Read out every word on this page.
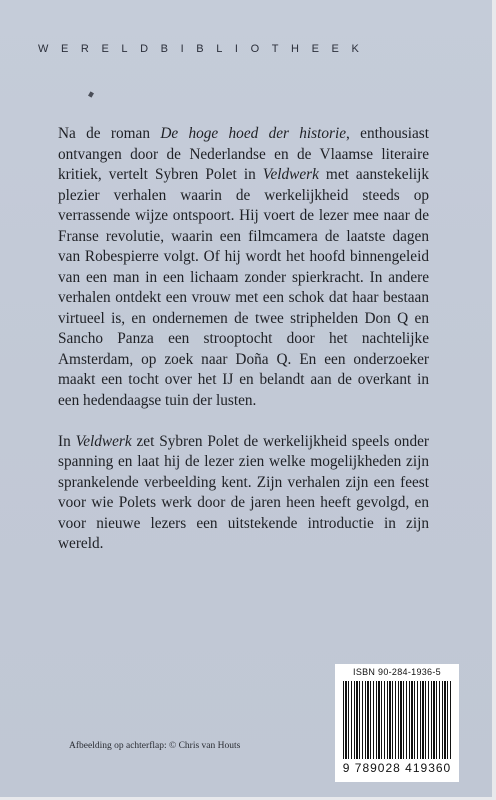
WERELDBIBLIOTHEEK

Na de roman De hoge hoed der historie, enthousiast ontvangen door de Nederlandse en de Vlaamse literaire kritiek, vertelt Sybren Polet in Veldwerk met aanstekelijk plezier verhalen waarin de werkelijkheid steeds op verrassende wijze ontspoort. Hij voert de lezer mee naar de Franse revolutie, waarin een filmcamera de laatste dagen van Robespierre volgt. Of hij wordt het hoofd binnengeleid van een man in een lichaam zonder spierkracht. In andere verhalen ontdekt een vrouw met een schok dat haar bestaan virtueel is, en ondernemen de twee striphelden Don Q en Sancho Panza een strooptocht door het nachtelijke Amsterdam, op zoek naar Doña Q. En een onderzoeker maakt een tocht over het IJ en belandt aan de overkant in een hedendaagse tuin der lusten.

In Veldwerk zet Sybren Polet de werkelijkheid speels onder spanning en laat hij de lezer zien welke mogelijkheden zijn sprankelende verbeelding kent. Zijn verhalen zijn een feest voor wie Polets werk door de jaren heen heeft gevolgd, en voor nieuwe lezers een uitstekende introductie in zijn wereld.

ISBN 90-284-1936-5
9 789028 419360
Afbeelding op achterflap: © Chris van Houts
